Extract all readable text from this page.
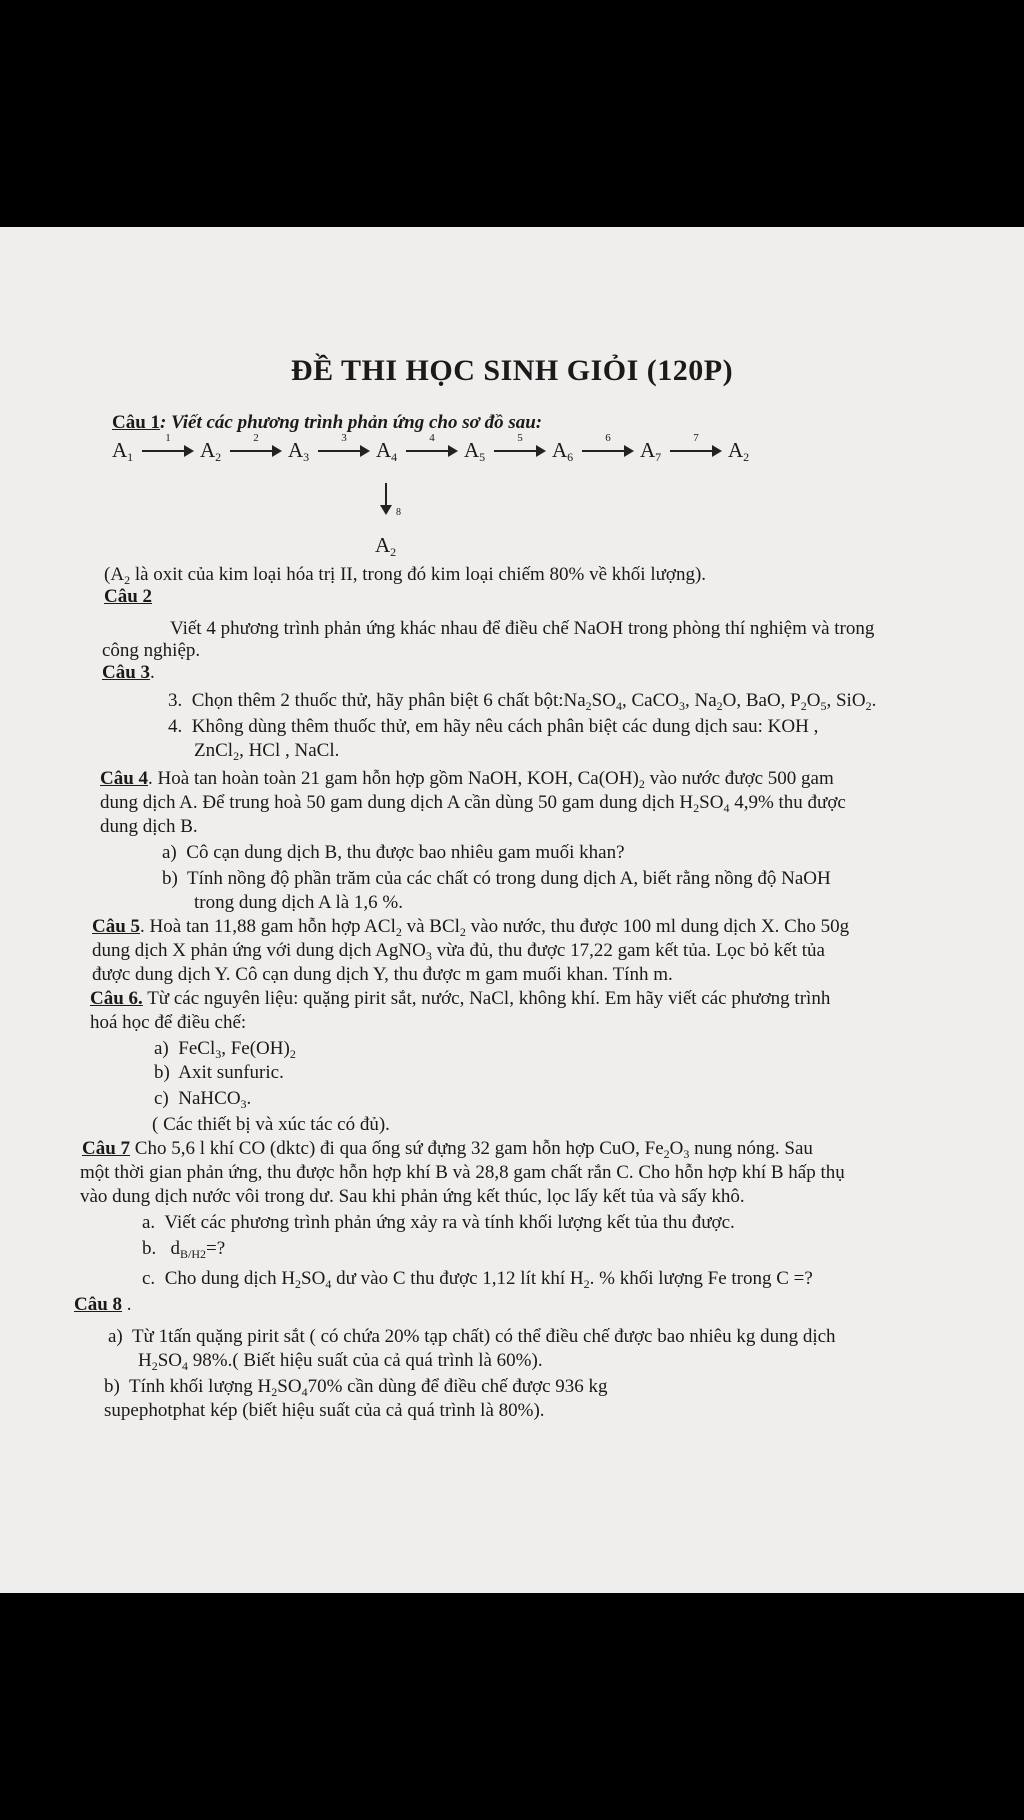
ĐỀ THI HỌC SINH GIỎI (120P)
Câu 1: Viết các phương trình phản ứng cho sơ đồ sau:
$A_1$
1	$A_2$
2	$A_3$
3	$A_4$
4	$A_5$
5	$A_6$
6	$A_7$
7	$A_2$
8
$A_2$
($A_2$ là oxit của kim loại hóa trị II, trong đó kim loại chiếm 80% về khối lượng).
Câu 2
Viết 4 phương trình phản ứng khác nhau để điều chế NaOH trong phòng thí nghiệm và trong
công nghiệp.
Câu 3.
3. Chọn thêm 2 thuốc thử, hãy phân biệt 6 chất $bột:Na_2SO_4$, CaCO$_3$, $Na_2O$, BaO, $P_2O_5$, SiO$_2$.
4. Không dùng thêm thuốc thử, em hãy nêu cách phân biệt các dung dịch sau: KOH ,
ZnCl$_2$, HCl , NaCl.
Câu 4. Hoà tan hoàn toàn 21 gam hỗn hợp gồm NaOH, KOH, $Ca(OH)_2$ vào nước được 500 gam
dung dịch A. Để trung hoà 50 gam dung dịch A cần dùng 50 gam dung dịch $H_2SO_4$ 4,9% thu được
dung dịch B.
a) Cô cạn dung dịch B, thu được bao nhiêu gam muối khan?
b) Tính nồng độ phần trăm của các chất có trong dung dịch A, biết rằng nồng độ NaOH
trong dung dịch A là 1,6 %.
Câu 5. Hoà tan 11,88 gam hỗn hợp ACl$_2$ và BCl$_2$ vào nước, thu được 100 ml dung dịch X. Cho 50g
dung dịch X phản ứng với dung dịch AgNO$_3$ vừa đủ, thu được 17,22 gam kết tủa. Lọc bỏ kết tủa
được dung dịch Y. Cô cạn dung dịch Y, thu được m gam muối khan. Tính m.
Câu 6. Từ các nguyên liệu: quặng pirit sắt, nước, NaCl, không khí. Em hãy viết các phương trình
hoá học để điều chế:
a)  FeCl$_3$, $Fe(OH)_2$
b) Axit sunfuric.
c)  NaHCO$_3$.
( Các thiết bị và xúc tác có đủ).
Câu 7 Cho 5,6 l khí CO (dktc) đi qua ống sứ đựng 32 gam hỗn hợp CuO, $Fe_2O_3$ nung nóng. Sau
một thời gian phản ứng, thu được hỗn hợp khí B và 28,8 gam chất rắn C. Cho hỗn hợp khí B hấp thụ
vào dung dịch nước vôi trong dư. Sau khi phản ứng kết thúc, lọc lấy kết tủa và sấy khô.
a. Viết các phương trình phản ứng xảy ra và tính khối lượng kết tủa thu được.
b.   $d_{B/H2}=$?
c. Cho dung dịch $H_2SO_4$ dư vào C thu được 1,12 lít khí $H_2$. % khối lượng Fe trong C =?
Câu 8 .
a) Từ 1tấn quặng pirit sắt ( có chứa 20% tạp chất) có thể điều chế được bao nhiêu kg dung dịch
$H_2SO_4$ 98%.( Biết hiệu suất của cả quá trình là 60%).
b) Tính khối lượng $H_2SO_470\%$ cần dùng để điều chế được 936 kg
supephotphat kép (biết hiệu suất của cả quá trình là 80%).
